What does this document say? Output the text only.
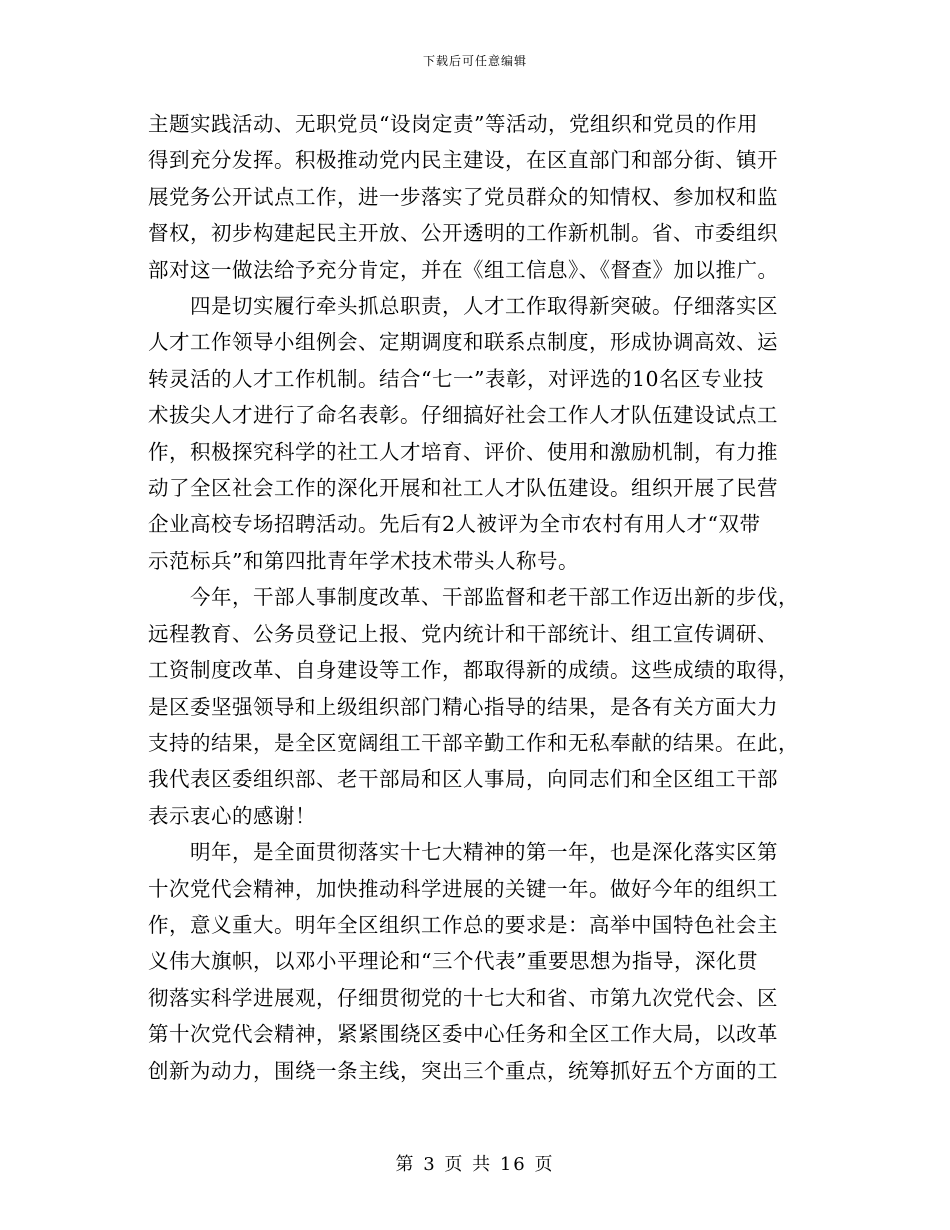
下载后可任意编辑
主题实践活动、无职党员“设岗定责”等活动，党组织和党员的作用
得到充分发挥。积极推动党内民主建设，在区直部门和部分街、镇开
展党务公开试点工作，进一步落实了党员群众的知情权、参加权和监
督权，初步构建起民主开放、公开透明的工作新机制。省、市委组织
部对这一做法给予充分肯定，并在《组工信息》、《督查》加以推广。
　　四是切实履行牵头抓总职责，人才工作取得新突破。仔细落实区
人才工作领导小组例会、定期调度和联系点制度，形成协调高效、运
转灵活的人才工作机制。结合“七一”表彰，对评选的10名区专业技
术拔尖人才进行了命名表彰。仔细搞好社会工作人才队伍建设试点工
作，积极探究科学的社工人才培育、评价、使用和激励机制，有力推
动了全区社会工作的深化开展和社工人才队伍建设。组织开展了民营
企业高校专场招聘活动。先后有2人被评为全市农村有用人才“双带
示范标兵”和第四批青年学术技术带头人称号。
　　今年，干部人事制度改革、干部监督和老干部工作迈出新的步伐，
远程教育、公务员登记上报、党内统计和干部统计、组工宣传调研、
工资制度改革、自身建设等工作，都取得新的成绩。这些成绩的取得，
是区委坚强领导和上级组织部门精心指导的结果，是各有关方面大力
支持的结果，是全区宽阔组工干部辛勤工作和无私奉献的结果。在此，
我代表区委组织部、老干部局和区人事局，向同志们和全区组工干部
表示衷心的感谢！
　　明年，是全面贯彻落实十七大精神的第一年，也是深化落实区第
十次党代会精神，加快推动科学进展的关键一年。做好今年的组织工
作，意义重大。明年全区组织工作总的要求是：高举中国特色社会主
义伟大旗帜，以邓小平理论和“三个代表”重要思想为指导，深化贯
彻落实科学进展观，仔细贯彻党的十七大和省、市第九次党代会、区
第十次党代会精神，紧紧围绕区委中心任务和全区工作大局，以改革
创新为动力，围绕一条主线，突出三个重点，统筹抓好五个方面的工
第 3 页 共 16 页
